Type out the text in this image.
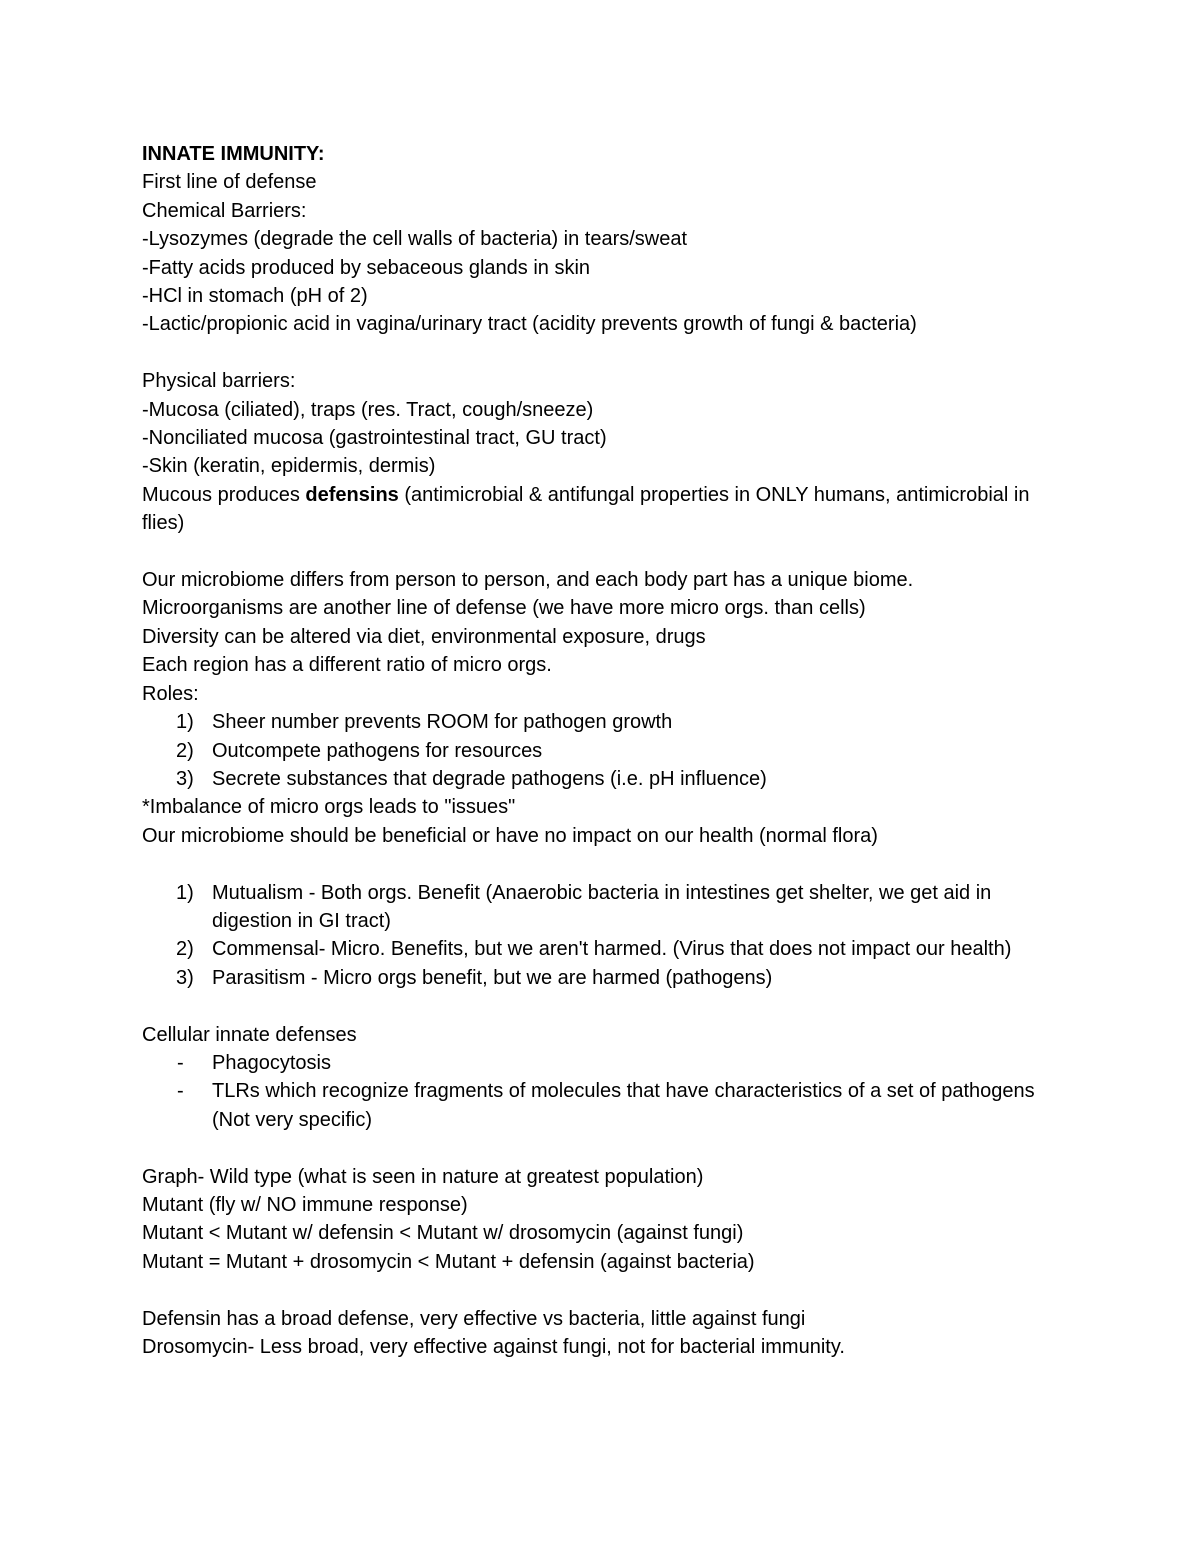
INNATE IMMUNITY:

First line of defense

Chemical Barriers:

-Lysozymes (degrade the cell walls of bacteria) in tears/sweat

-Fatty acids produced by sebaceous glands in skin

-HCl in stomach (pH of 2)

-Lactic/propionic acid in vagina/urinary tract (acidity prevents growth of fungi & bacteria)

Physical barriers:

-Mucosa (ciliated), traps (res. Tract, cough/sneeze)

-Nonciliated mucosa (gastrointestinal tract, GU tract)

-Skin (keratin, epidermis, dermis)

Mucous produces defensins (antimicrobial & antifungal properties in ONLY humans, antimicrobial in flies)

Our microbiome differs from person to person, and each body part has a unique biome.

Microorganisms are another line of defense (we have more micro orgs. than cells)

Diversity can be altered via diet, environmental exposure, drugs

Each region has a different ratio of micro orgs.

Roles:

1) Sheer number prevents ROOM for pathogen growth
2) Outcompete pathogens for resources
3) Secrete substances that degrade pathogens (i.e. pH influence)

*Imbalance of micro orgs leads to "issues"

Our microbiome should be beneficial or have no impact on our health (normal flora)

1) Mutualism - Both orgs. Benefit (Anaerobic bacteria in intestines get shelter, we get aid in digestion in GI tract)
2) Commensal- Micro. Benefits, but we aren't harmed. (Virus that does not impact our health)
3) Parasitism - Micro orgs benefit, but we are harmed (pathogens)

Cellular innate defenses

- Phagocytosis
- TLRs which recognize fragments of molecules that have characteristics of a set of pathogens (Not very specific)

Graph- Wild type (what is seen in nature at greatest population)

Mutant (fly w/ NO immune response)

Mutant < Mutant w/ defensin < Mutant w/ drosomycin (against fungi)

Mutant = Mutant + drosomycin < Mutant + defensin (against bacteria)

Defensin has a broad defense, very effective vs bacteria, little against fungi

Drosomycin- Less broad, very effective against fungi, not for bacterial immunity.
